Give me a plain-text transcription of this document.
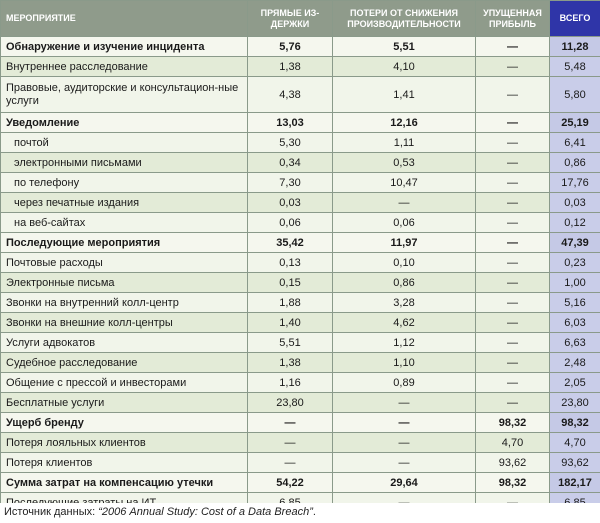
МЕРОПРИЯТИЕ	ПРЯМЫЕ ИЗ-ДЕРЖКИ	ПОТЕРИ ОТ СНИЖЕНИЯ ПРОИЗВОДИТЕЛЬНОСТИ	УПУЩЕННАЯ ПРИБЫЛЬ	ВСЕГО
Обнаружение и изучение инцидента	5,76	5,51	—	11,28
Внутреннее расследование	1,38	4,10	—	5,48
Правовые, аудиторские и консультацион-ные услуги	4,38	1,41	—	5,80
Уведомление	13,03	12,16	—	25,19
почтой	5,30	1,11	—	6,41
электронными письмами	0,34	0,53	—	0,86
по телефону	7,30	10,47	—	17,76
через печатные издания	0,03	—	—	0,03
на веб-сайтах	0,06	0,06	—	0,12
Последующие мероприятия	35,42	11,97	—	47,39
Почтовые расходы	0,13	0,10	—	0,23
Электронные письма	0,15	0,86	—	1,00
Звонки на внутренний колл-центр	1,88	3,28	—	5,16
Звонки на внешние колл-центры	1,40	4,62	—	6,03
Услуги адвокатов	5,51	1,12	—	6,63
Судебное расследование	1,38	1,10	—	2,48
Общение с прессой и инвесторами	1,16	0,89	—	2,05
Бесплатные услуги	23,80	—	—	23,80
Ущерб бренду	—	—	98,32	98,32
Потеря лояльных клиентов	—	—	4,70	4,70
Потеря клиентов	—	—	93,62	93,62
Сумма затрат на компенсацию утечки	54,22	29,64	98,32	182,17

Источник данных: “2006 Annual Study: Cost of a Data Breach”.
